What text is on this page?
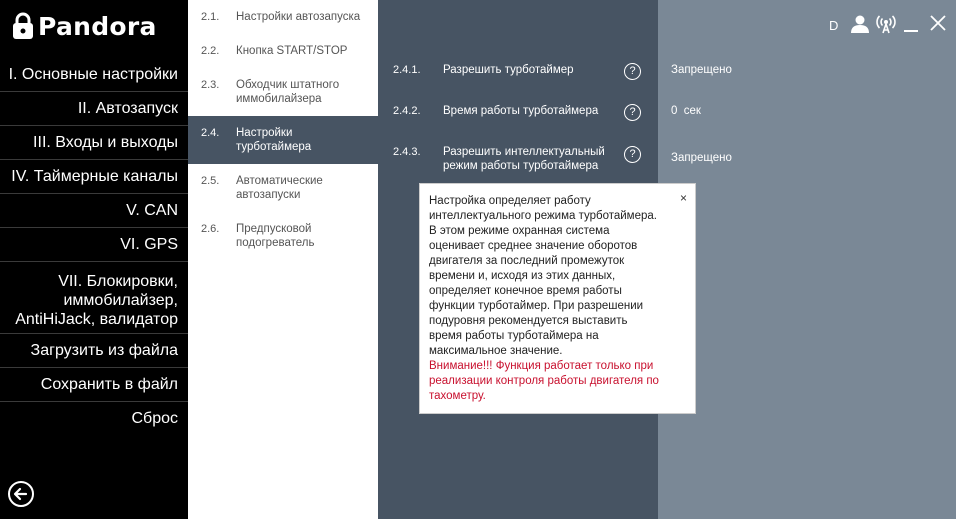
Pandora
I. Основные настройки
II. Автозапуск
III. Входы и выходы
IV. Таймерные каналы
V. CAN
VI. GPS
VII. Блокировки,
иммобилайзер,
AntiHiJack, валидатор
Загрузить из файла
Сохранить в файл
Сброс
2.1. Настройки автозапуска
2.2. Кнопка START/STOP
2.3. Обходчик штатного
иммобилайзера
2.4. Настройки
турботаймера
2.5. Автоматические
автозапуски
2.6. Предпусковой
подогреватель
2.4.1. Разрешить турботаймер	?	Запрещено
2.4.2. Время работы турботаймера	?	0  сек
2.4.3. Разрешить интеллектуальный
режим работы турботаймера
?	Запрещено
D
×
Настройка определяет работу
интеллектуального режима турботаймера.
В этом режиме охранная система
оценивает среднее значение оборотов
двигателя за последний промежуток
времени и, исходя из этих данных,
определяет конечное время работы
функции турботаймер. При разрешении
подуровня рекомендуется выставить
время работы турботаймера на
максимальное значение.
Внимание!!! Функция работает только при
реализации контроля работы двигателя по
тахометру.
